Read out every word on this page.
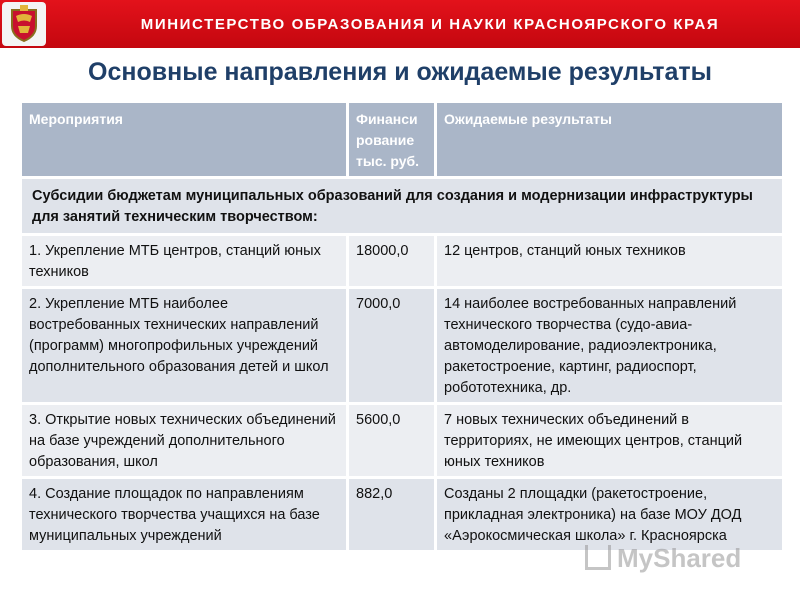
МИНИСТЕРСТВО ОБРАЗОВАНИЯ И НАУКИ КРАСНОЯРСКОГО КРАЯ
Основные направления и ожидаемые результаты
Мероприятия	Финанси рование тыс. руб.	Ожидаемые результаты
Субсидии бюджетам муниципальных образований для создания и модернизации инфраструктуры для занятий техническим творчеством:		
1. Укрепление МТБ центров, станций юных техников	18000,0	12 центров, станций юных техников
2. Укрепление МТБ наиболее востребованных технических направлений (программ) многопрофильных учреждений дополнительного образования детей и школ	7000,0	14 наиболее востребованных направлений технического творчества (судо-авиа-автомоделирование, радиоэлектроника, ракетостроение, картинг, радиоспорт, робототехника, др.
3. Открытие новых технических объединений на базе учреждений дополнительного образования, школ	5600,0	7 новых технических объединений в территориях, не имеющих центров, станций юных техников
4. Создание площадок по направлениям технического творчества учащихся на базе муниципальных учреждений	882,0	Созданы 2 площадки (ракетостроение, прикладная электроника) на базе МОУ ДОД «Аэрокосмическая школа» г. Красноярска
MyShared
